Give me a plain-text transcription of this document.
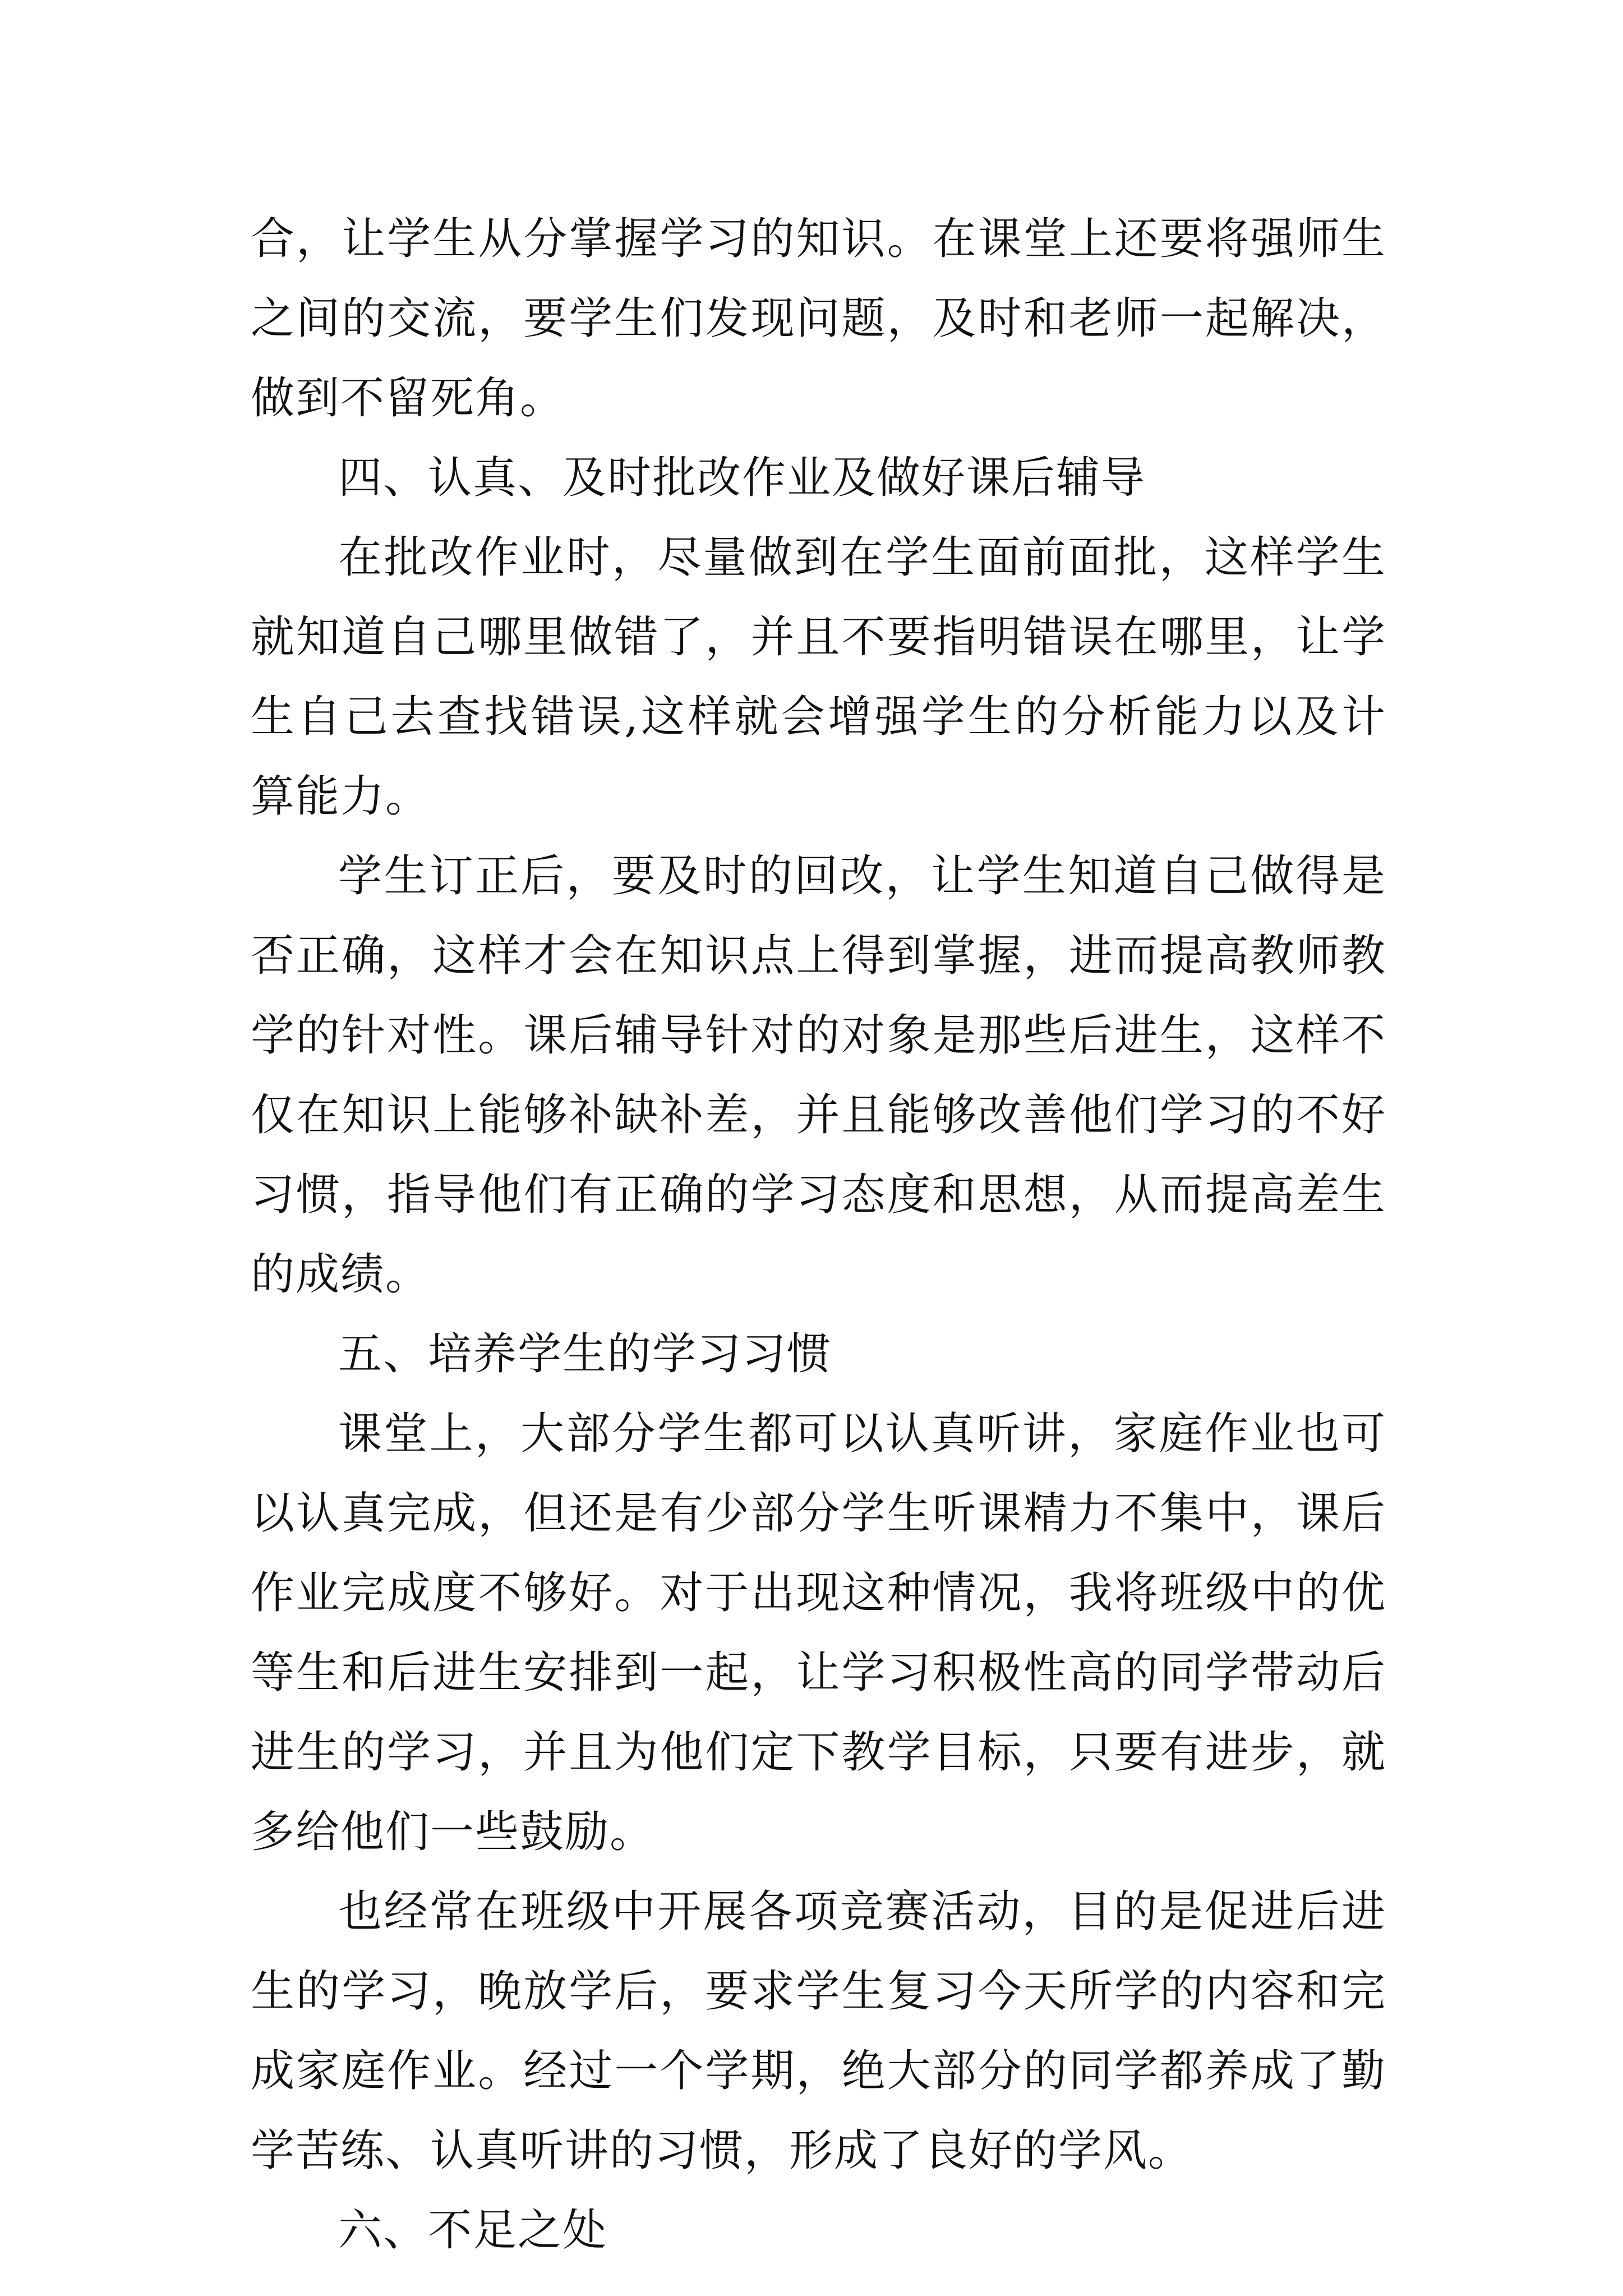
合，让学生从分掌握学习的知识。在课堂上还要将强师生之间的交流，要学生们发现问题，及时和老师一起解决，做到不留死角。

四、认真、及时批改作业及做好课后辅导

在批改作业时，尽量做到在学生面前面批，这样学生就知道自己哪里做错了，并且不要指明错误在哪里，让学生自己去查找错误,这样就会增强学生的分析能力以及计算能力。

学生订正后，要及时的回改，让学生知道自己做得是否正确，这样才会在知识点上得到掌握，进而提高教师教学的针对性。课后辅导针对的对象是那些后进生，这样不仅在知识上能够补缺补差，并且能够改善他们学习的不好习惯，指导他们有正确的学习态度和思想，从而提高差生的成绩。

五、培养学生的学习习惯

课堂上，大部分学生都可以认真听讲，家庭作业也可以认真完成，但还是有少部分学生听课精力不集中，课后作业完成度不够好。对于出现这种情况，我将班级中的优等生和后进生安排到一起，让学习积极性高的同学带动后进生的学习，并且为他们定下教学目标，只要有进步，就多给他们一些鼓励。

也经常在班级中开展各项竞赛活动，目的是促进后进生的学习，晚放学后，要求学生复习今天所学的内容和完成家庭作业。经过一个学期，绝大部分的同学都养成了勤学苦练、认真听讲的习惯，形成了良好的学风。

六、不足之处
